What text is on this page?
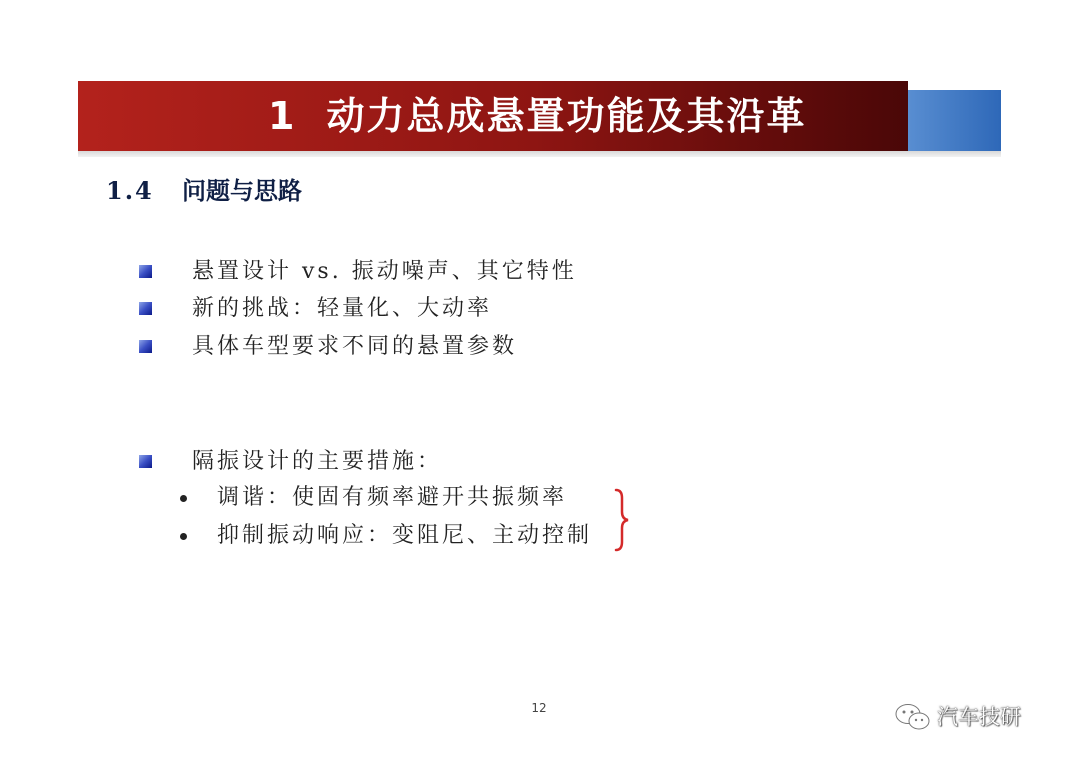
1 动力总成悬置功能及其沿革
1.4 问题与思路
悬置设计 vs. 振动噪声、其它特性
新的挑战：轻量化、大动率
具体车型要求不同的悬置参数
隔振设计的主要措施：
调谐：使固有频率避开共振频率
抑制振动响应：变阻尼、主动控制
12	汽车技研
